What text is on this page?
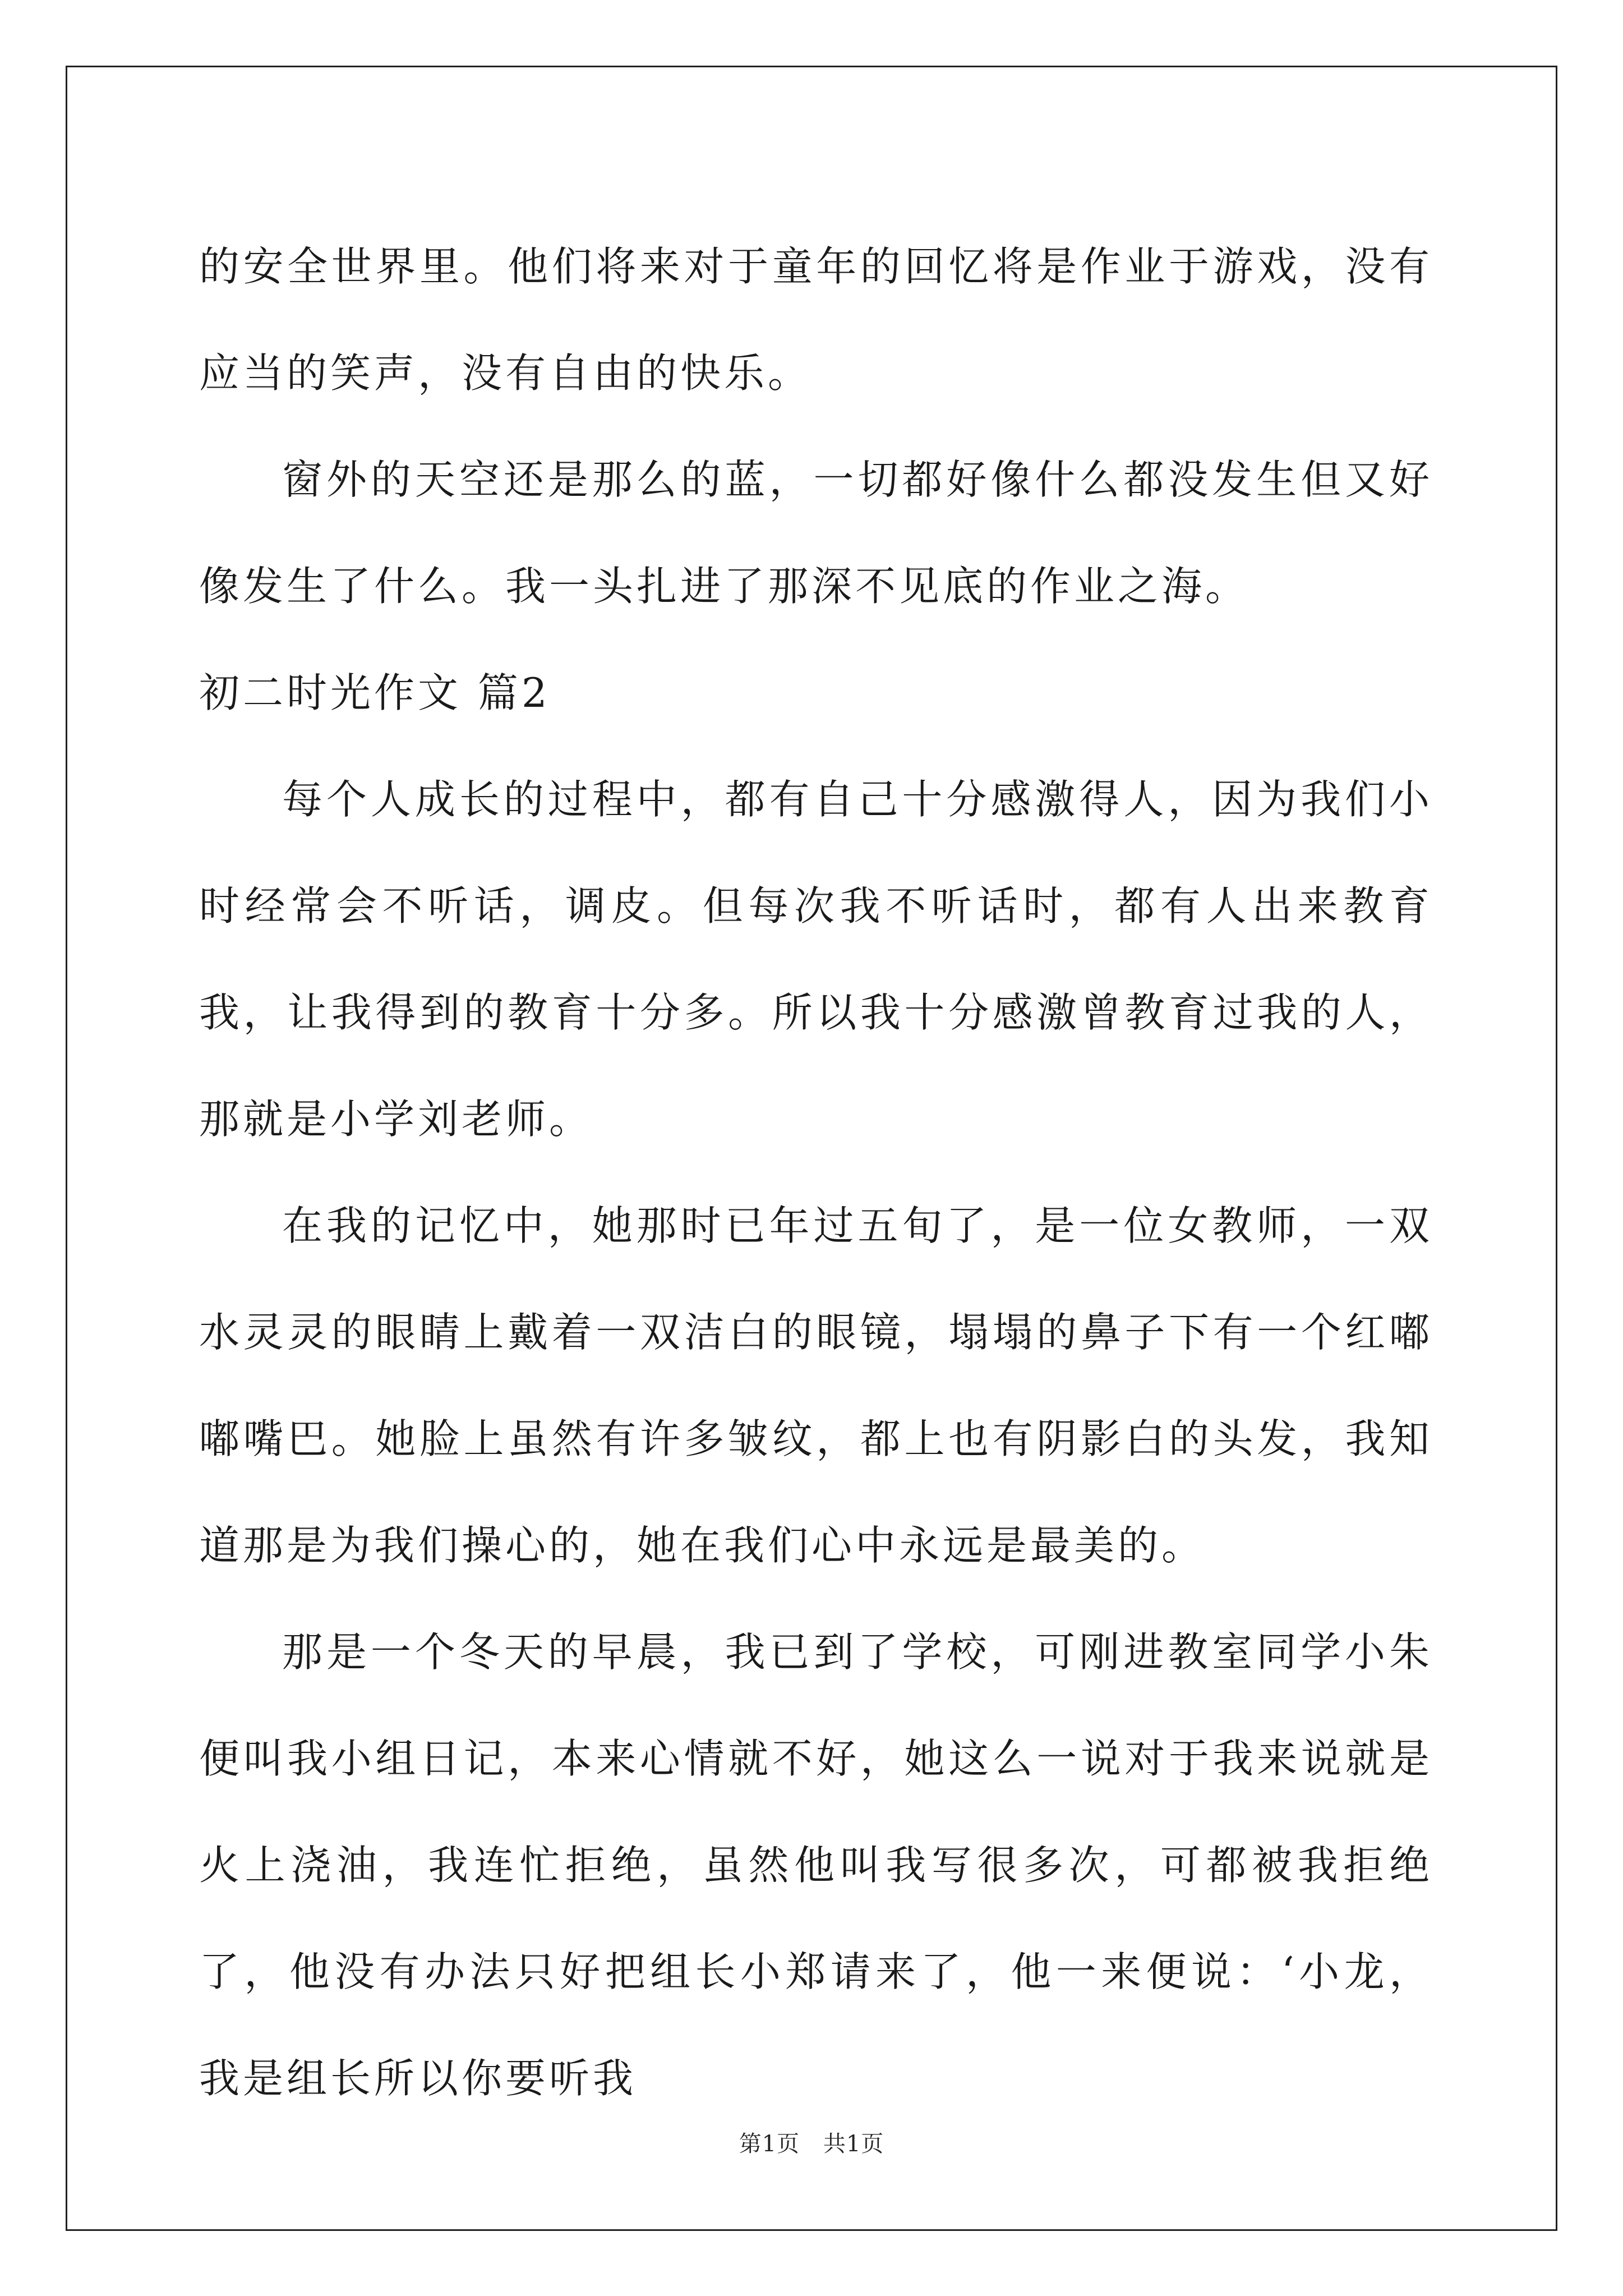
的安全世界里。他们将来对于童年的回忆将是作业于游戏，没有应当的笑声，没有自由的快乐。

窗外的天空还是那么的蓝，一切都好像什么都没发生但又好像发生了什么。我一头扎进了那深不见底的作业之海。

初二时光作文 篇2

每个人成长的过程中，都有自己十分感激得人，因为我们小时经常会不听话，调皮。但每次我不听话时，都有人出来教育我，让我得到的教育十分多。所以我十分感激曾教育过我的人，那就是小学刘老师。

在我的记忆中，她那时已年过五旬了，是一位女教师，一双水灵灵的眼睛上戴着一双洁白的眼镜，塌塌的鼻子下有一个红嘟嘟嘴巴。她脸上虽然有许多皱纹，都上也有阴影白的头发，我知道那是为我们操心的，她在我们心中永远是最美的。

那是一个冬天的早晨，我已到了学校，可刚进教室同学小朱便叫我小组日记，本来心情就不好，她这么一说对于我来说就是火上浇油，我连忙拒绝，虽然他叫我写很多次，可都被我拒绝了，他没有办法只好把组长小郑请来了，他一来便说：‘小龙，我是组长所以你要听我

第1页 共1页
